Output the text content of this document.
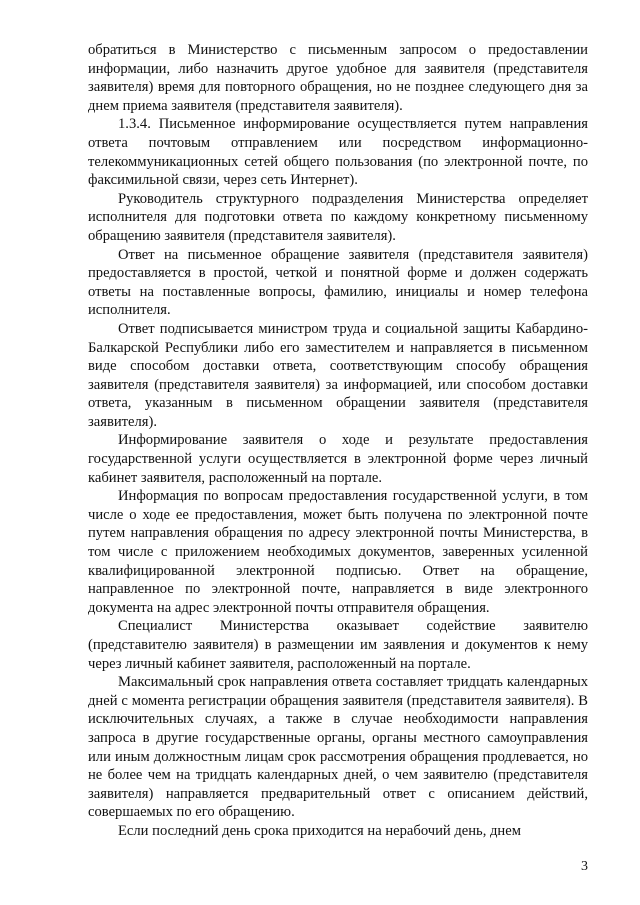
обратиться в Министерство с письменным запросом о предоставлении информации, либо назначить другое удобное для заявителя (представителя заявителя) время для повторного обращения, но не позднее следующего дня за днем приема заявителя (представителя заявителя).

1.3.4. Письменное информирование осуществляется путем направления ответа почтовым отправлением или посредством информационно-телекоммуникационных сетей общего пользования (по электронной почте, по факсимильной связи, через сеть Интернет).

Руководитель структурного подразделения Министерства определяет исполнителя для подготовки ответа по каждому конкретному письменному обращению заявителя (представителя заявителя).

Ответ на письменное обращение заявителя (представителя заявителя) предоставляется в простой, четкой и понятной форме и должен содержать ответы на поставленные вопросы, фамилию, инициалы и номер телефона исполнителя.

Ответ подписывается министром труда и социальной защиты Кабардино-Балкарской Республики либо его заместителем и направляется в письменном виде способом доставки ответа, соответствующим способу обращения заявителя (представителя заявителя) за информацией, или способом доставки ответа, указанным в письменном обращении заявителя (представителя заявителя).

Информирование заявителя о ходе и результате предоставления государственной услуги осуществляется в электронной форме через личный кабинет заявителя, расположенный на портале.

Информация по вопросам предоставления государственной услуги, в том числе о ходе ее предоставления, может быть получена по электронной почте путем направления обращения по адресу электронной почты Министерства, в том числе с приложением необходимых документов, заверенных усиленной квалифицированной электронной подписью. Ответ на обращение, направленное по электронной почте, направляется в виде электронного документа на адрес электронной почты отправителя обращения.

Специалист Министерства оказывает содействие заявителю (представителю заявителя) в размещении им заявления и документов к нему через личный кабинет заявителя, расположенный на портале.

Максимальный срок направления ответа составляет тридцать календарных дней с момента регистрации обращения заявителя (представителя заявителя). В исключительных случаях, а также в случае необходимости направления запроса в другие государственные органы, органы местного самоуправления или иным должностным лицам срок рассмотрения обращения продлевается, но не более чем на тридцать календарных дней, о чем заявителю (представителя заявителя) направляется предварительный ответ с описанием действий, совершаемых по его обращению.

Если последний день срока приходится на нерабочий день, днем

3
